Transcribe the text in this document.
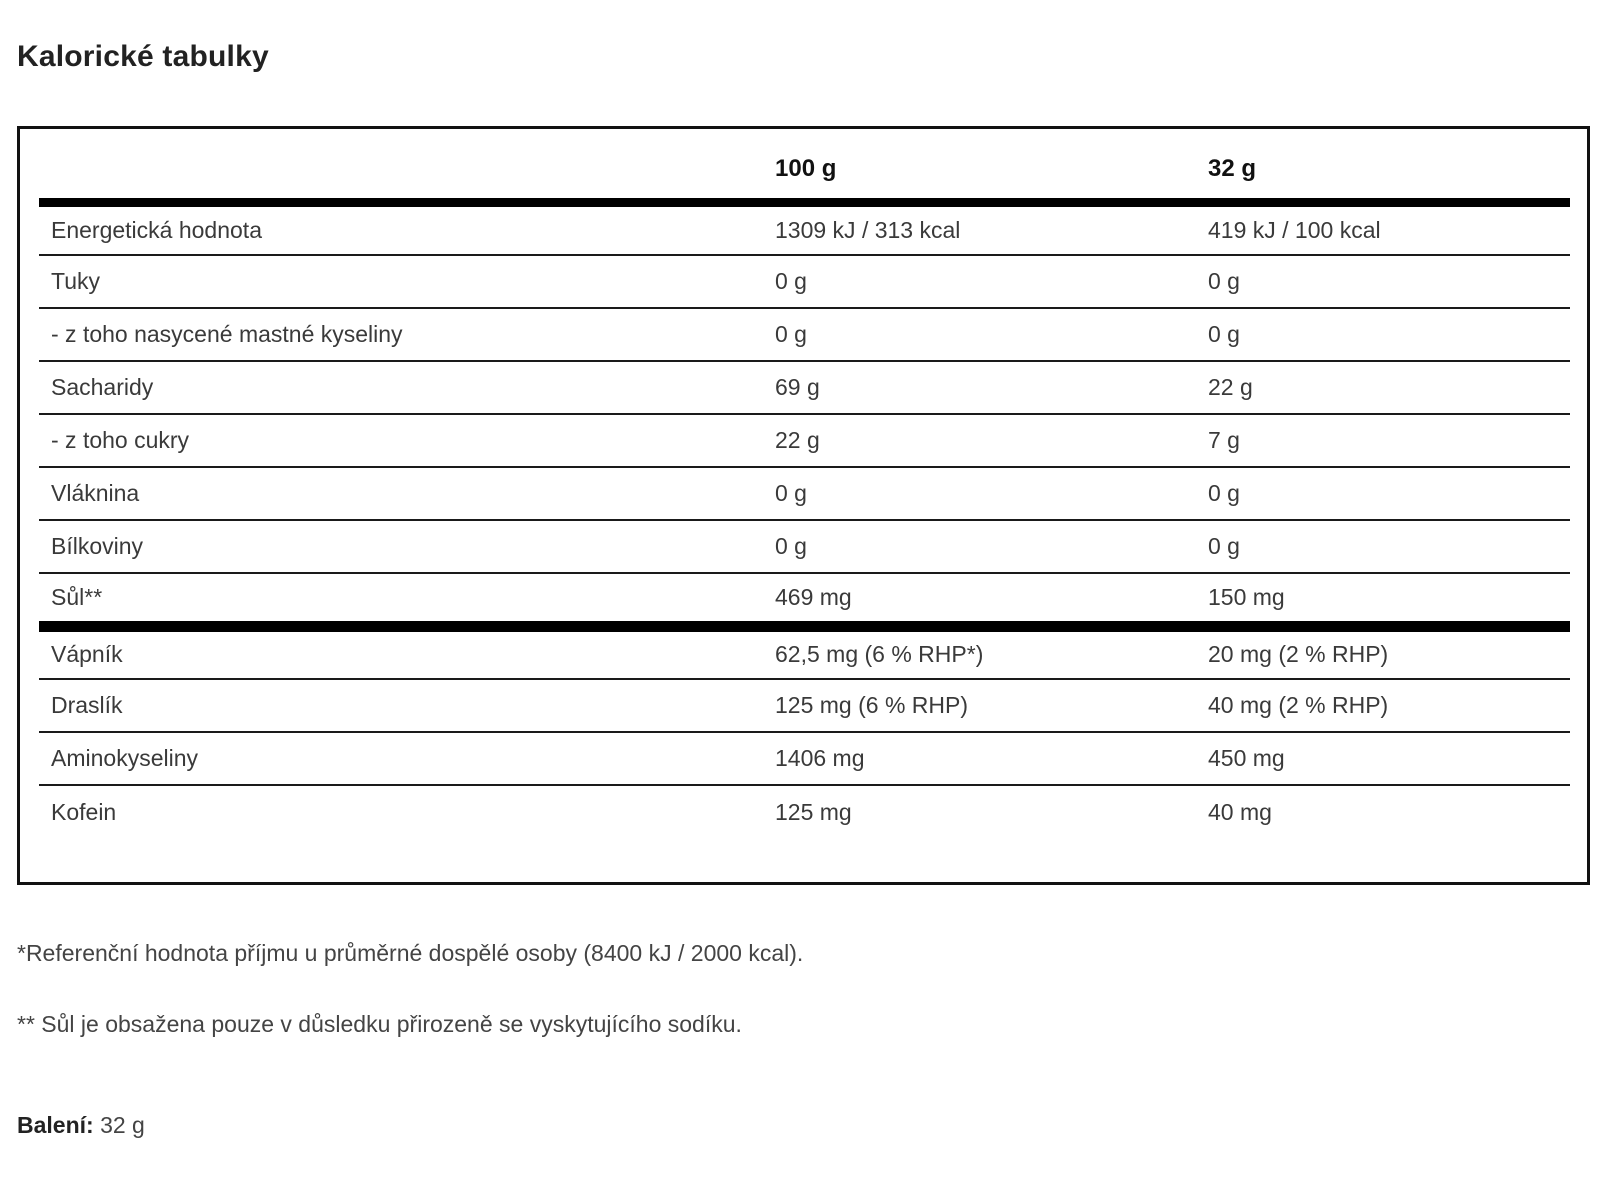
Kalorické tabulky
	100 g	32 g
Energetická hodnota	1309 kJ / 313 kcal	419 kJ / 100 kcal
Tuky	0 g	0 g
- z toho nasycené mastné kyseliny	0 g	0 g
Sacharidy	69 g	22 g
- z toho cukry	22 g	7 g
Vláknina	0 g	0 g
Bílkoviny	0 g	0 g
Sůl**	469 mg	150 mg
Vápník	62,5 mg (6 % RHP*)	20 mg (2 % RHP)
Draslík	125 mg (6 % RHP)	40 mg (2 % RHP)
Aminokyseliny	1406 mg	450 mg
Kofein	125 mg	40 mg

*Referenční hodnota příjmu u průměrné dospělé osoby (8400 kJ / 2000 kcal).

** Sůl je obsažena pouze v důsledku přirozeně se vyskytujícího sodíku.

Balení: 32 g
